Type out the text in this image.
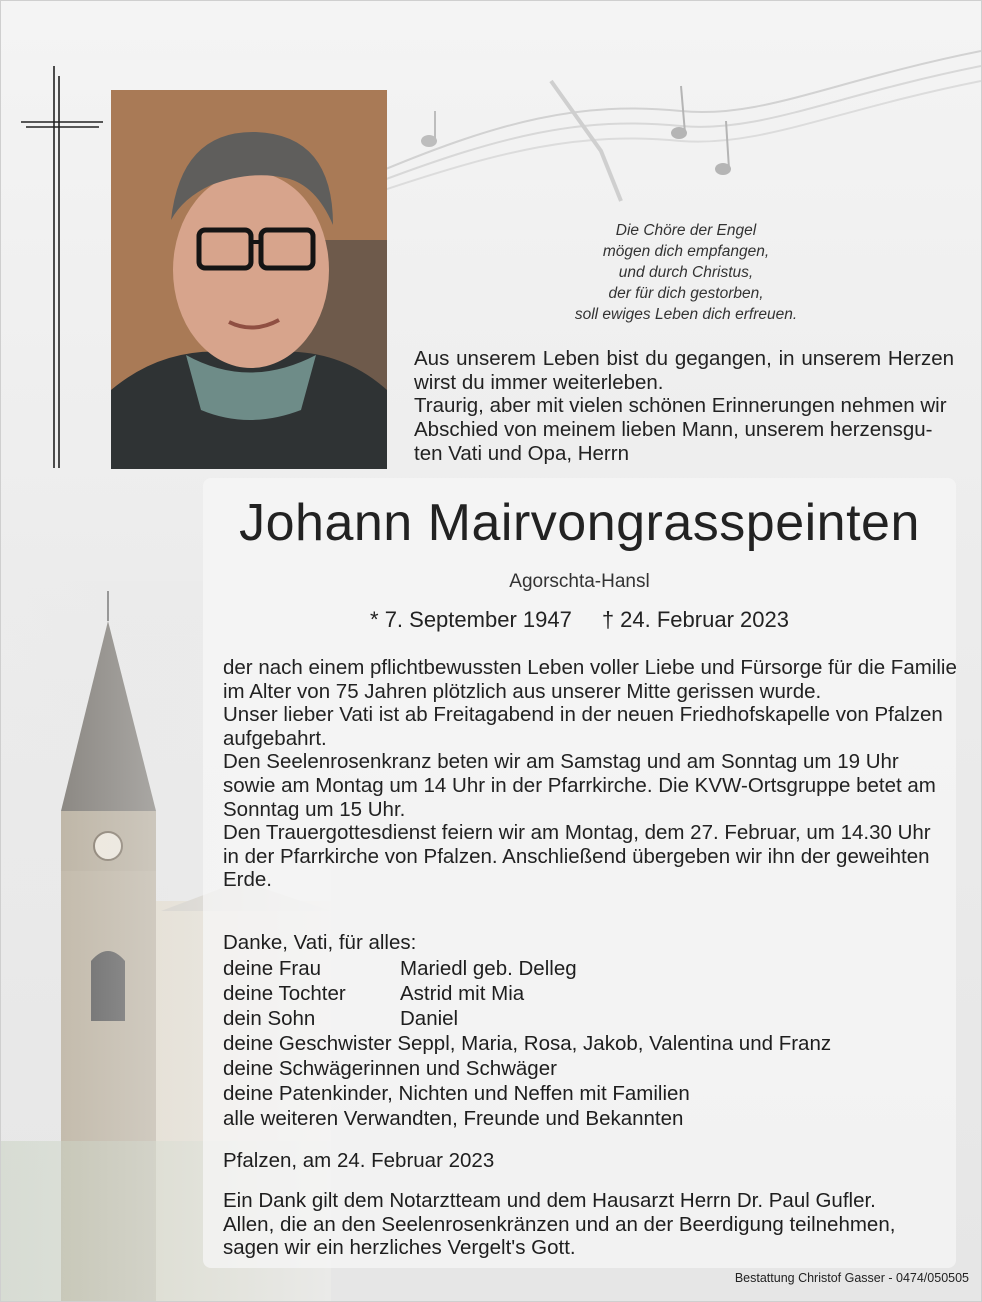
Die Chöre der Engel
mögen dich empfangen,
und durch Christus,
der für dich gestorben,
soll ewiges Leben dich erfreuen.
Aus unserem Leben bist du gegangen, in unserem Herzen
wirst du immer weiterleben.
Traurig, aber mit vielen schönen Erinnerungen nehmen wir
Abschied von meinem lieben Mann, unserem herzensgu-
ten Vati und Opa, Herrn
Johann Mairvongrasspeinten
Agorschta-Hansl
* 7. September 1947 † 24. Februar 2023
der nach einem pflichtbewussten Leben voller Liebe und Fürsorge für die Familie
im Alter von 75 Jahren plötzlich aus unserer Mitte gerissen wurde.
Unser lieber Vati ist ab Freitagabend in der neuen Friedhofskapelle von Pfalzen
aufgebahrt.
Den Seelenrosenkranz beten wir am Samstag und am Sonntag um 19 Uhr
sowie am Montag um 14 Uhr in der Pfarrkirche. Die KVW-Ortsgruppe betet am
Sonntag um 15 Uhr.
Den Trauergottesdienst feiern wir am Montag, dem 27. Februar, um 14.30 Uhr
in der Pfarrkirche von Pfalzen. Anschließend übergeben wir ihn der geweihten
Erde.
Danke, Vati, für alles:
deine Frau	Mariedl geb. Delleg
deine Tochter	Astrid mit Mia
dein Sohn	Daniel
deine Geschwister Seppl, Maria, Rosa, Jakob, Valentina und Franz
deine Schwägerinnen und Schwäger
deine Patenkinder, Nichten und Neffen mit Familien
alle weiteren Verwandten, Freunde und Bekannten
Pfalzen, am 24. Februar 2023
Ein Dank gilt dem Notarztteam und dem Hausarzt Herrn Dr. Paul Gufler.
Allen, die an den Seelenrosenkränzen und an der Beerdigung teilnehmen,
sagen wir ein herzliches Vergelt's Gott.
Bestattung Christof Gasser - 0474/050505
